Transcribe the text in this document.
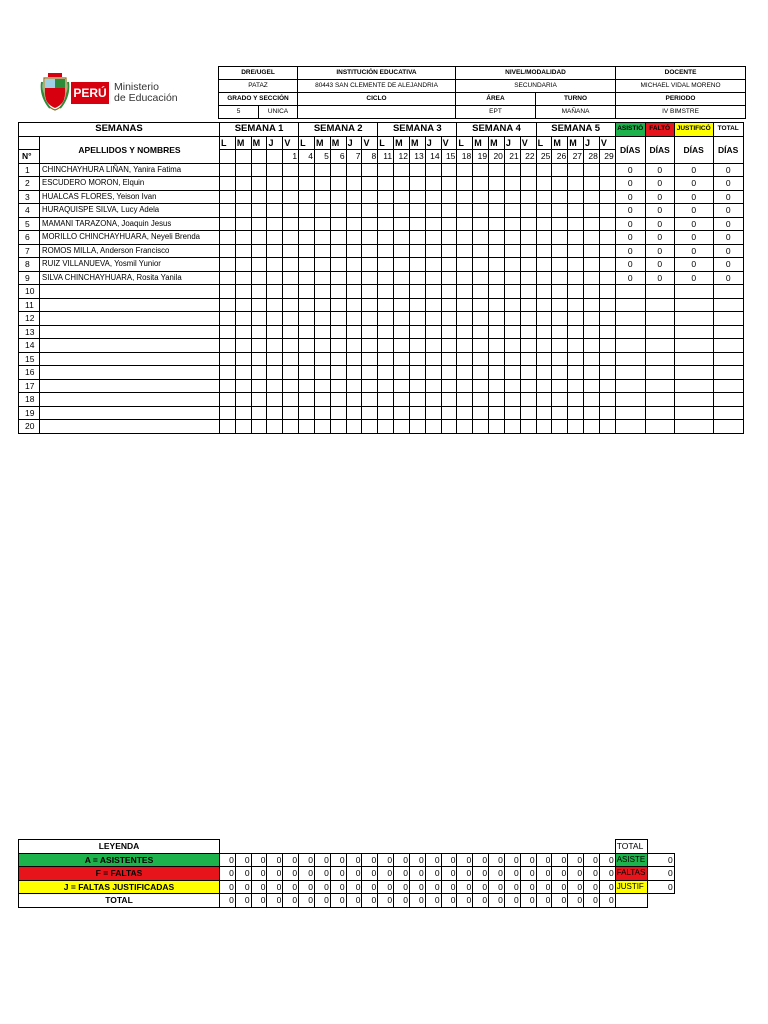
PERÚ Ministerio
de Educación
DRE/UGEL		INSTITUCIÓN EDUCATIVA	NIVEL/MODALIDAD		DOCENTE
PATAZ		80443 SAN CLEMENTE DE ALEJANDRIA	SECUNDARIA		MICHAEL VIDAL MORENO
GRADO Y SECCIÓN		CICLO	ÁREA	TURNO	PERIODO
5	UNICA		EPT	MAÑANA	IV BIMSTRE
SEMANAS		SEMANA 1					SEMANA 2					SEMANA 3					SEMANA 4					SEMANA 5					ASISTIÓ	FALTÓ	JUSTIFICÓ	TOTAL
	APELLIDOS Y NOMBRES	L	M	M	J	V	L	M	M	J	V	L	M	M	J	V	L	M	M	J	V	L	M	M	J	V	DÍAS	DÍAS	DÍAS	DÍAS
N°						1	4	5	6	7	8	11	12	13	14	15	18	19	20	21	22	25	26	27	28	29				
1	CHINCHAYHURA LIÑAN, Yanira Fatima																										0	0	0	0
2	ESCUDERO MORON, Elquin																										0	0	0	0
3	HUALCAS FLORES, Yeison Ivan																										0	0	0	0
4	HURAQUISPE SILVA, Lucy Adela																										0	0	0	0
5	MAMANI TARAZONA, Joaquin Jesus																										0	0	0	0
6	MORILLO CHINCHAYHUARA, Neyeli Brenda																										0	0	0	0
7	ROMOS MILLA, Anderson Francisco																										0	0	0	0
8	RUIZ VILLANUEVA, Yosmil Yunior																										0	0	0	0
9	SILVA CHINCHAYHUARA, Rosita Yanila																										0	0	0	0
10																														
11																														
12																														
13																														
14																														
15																														
16																														
17																														
18																														
19																														
20																														
LEYENDA																										TOTAL	
A = ASISTENTES	0	0	0	0	0	0	0	0	0	0	0	0	0	0	0	0	0	0	0	0	0	0	0	0	0	ASISTE	0
F = FALTAS	0	0	0	0	0	0	0	0	0	0	0	0	0	0	0	0	0	0	0	0	0	0	0	0	0	FALTAS	0
J = FALTAS JUSTIFICADAS	0	0	0	0	0	0	0	0	0	0	0	0	0	0	0	0	0	0	0	0	0	0	0	0	0	JUSTIF	0
TOTAL	0	0	0	0	0	0	0	0	0	0	0	0	0	0	0	0	0	0	0	0	0	0	0	0	0		
